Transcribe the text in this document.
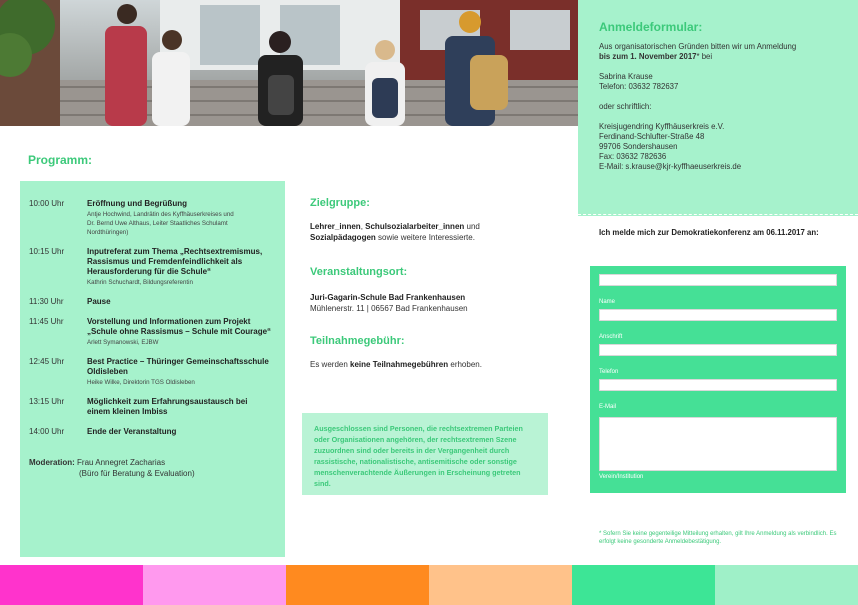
Programm:
10:00 Uhr	Eröffnung und Begrüßung
Antje Hochwind, Landrätin des Kyffhäuserkreises und
Dr. Bernd Uwe Althaus, Leiter Staatliches Schulamt
Nordthüringen)
10:15 Uhr	Inputreferat zum Thema „Rechtsextremismus,
Rassismus und Fremdenfeindlichkeit als
Herausforderung für die Schule“
Kathrin Schuchardt, Bildungsreferentin
11:30 Uhr	Pause
11:45 Uhr	Vorstellung und Informationen zum Projekt
„Schule ohne Rassismus – Schule mit Courage“
Arlett Symanowski, EJBW
12:45 Uhr	Best Practice – Thüringer Gemeinschaftsschule
Oldisleben
Heike Wilke, Direktorin TGS Oldisleben
13:15 Uhr	Möglichkeit zum Erfahrungsaustausch bei
einem kleinen Imbiss
14:00 Uhr	Ende der Veranstaltung
Moderation: Frau Annegret Zacharias
(Büro für Beratung & Evaluation)
Zielgruppe:
Lehrer_innen, Schulsozialarbeiter_innen und
Sozialpädagogen sowie weitere Interessierte.
Veranstaltungsort:
Juri-Gagarin-Schule Bad Frankenhausen
Mühlenerstr. 11 | 06567 Bad Frankenhausen
Teilnahmegebühr:
Es werden keine Teilnahmegebühren erhoben.
Ausgeschlossen sind Personen, die rechtsextremen Parteien oder Organisationen angehören, der rechtsextremen Szene zuzuordnen sind oder bereits in der Vergangenheit durch rassistische, nationalistische, antisemitische oder sonstige menschenverachtende Äußerungen in Erscheinung getreten sind.
Anmeldeformular:
Aus organisatorischen Gründen bitten wir um Anmeldung
bis zum 1. November 2017* bei
Sabrina Krause
Telefon: 03632 782637
oder schriftlich:
Kreisjugendring Kyffhäuserkreis e.V.
Ferdinand-Schlufter-Straße 48
99706 Sondershausen
Fax: 03632 782636
E-Mail: s.krause@kjr-kyffhaeuserkreis.de
Ich melde mich zur Demokratiekonferenz am 06.11.2017 an:
Name
Anschrift
Telefon
E-Mail
Verein/Institution
* Sofern Sie keine gegenteilige Mitteilung erhalten, gilt Ihre Anmeldung als verbindlich. Es erfolgt keine gesonderte Anmeldebestätigung.
